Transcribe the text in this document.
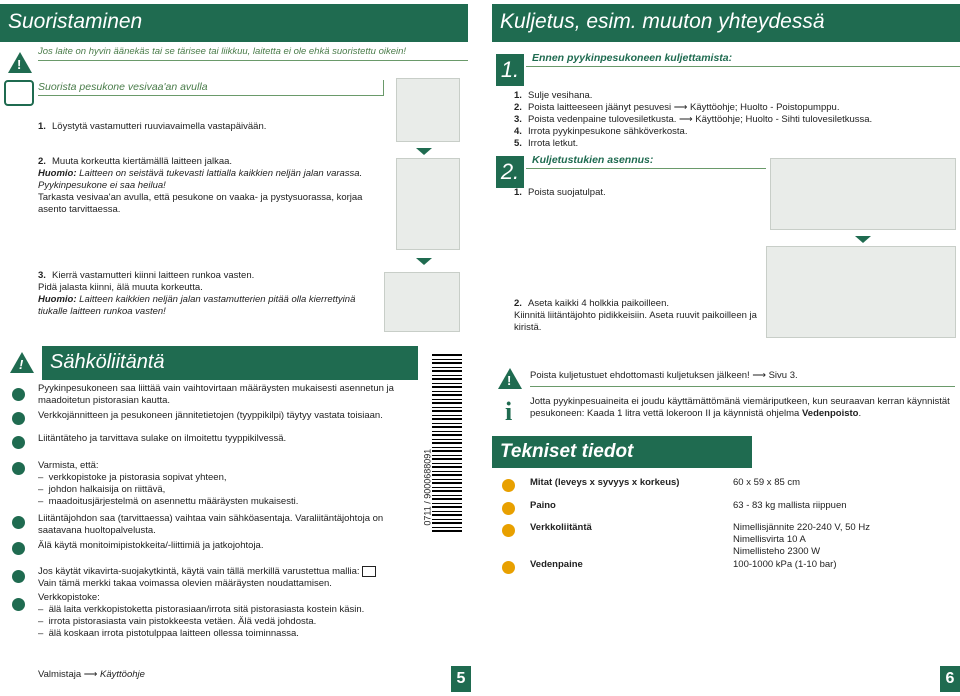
Suoristaminen
!
Jos laite on hyvin äänekäs tai se tärisee tai liikkuu, laitetta ei ole ehkä suoristettu oikein!
Suorista pesukone vesivaa'an avulla
1. Löystytä vastamutteri ruuviavaimella vastapäivään.
2. Muuta korkeutta kiertämällä laitteen jalkaa.
Huomio: Laitteen on seistävä tukevasti lattialla kaikkien neljän jalan varassa.
Pyykinpesukone ei saa heilua!
Tarkasta vesivaa'an avulla, että pesukone on vaaka- ja pystysuorassa, korjaa asento tarvittaessa.
3. Kierrä vastamutteri kiinni laitteen runkoa vasten.
Pidä jalasta kiinni, älä muuta korkeutta.
Huomio: Laitteen kaikkien neljän jalan vastamutterien pitää olla kierrettyinä tiukalle laitteen runkoa vasten!
!	Sähköliitäntä
Pyykinpesukoneen saa liittää vain vaihtovirtaan määräysten mukaisesti asennetun ja maadoitetun pistorasian kautta.
Verkkojännitteen ja pesukoneen jännitetietojen (tyyppikilpi) täytyy vastata toisiaan.
Liitäntäteho ja tarvittava sulake on ilmoitettu tyyppikilvessä.
Varmista, että:
–  verkkopistoke ja pistorasia sopivat yhteen,
–  johdon halkaisija on riittävä,
–  maadoitusjärjestelmä on asennettu määräysten mukaisesti.
Liitäntäjohdon saa (tarvittaessa) vaihtaa vain sähköasentaja. Varaliitäntäjohtoja on saatavana huoltopalvelusta.
Älä käytä monitoimipistokkeita/-liittimiä ja jatkojohtoja.
Jos käytät vikavirta-suojakytkintä, käytä vain tällä merkillä varustettua mallia:
Vain tämä merkki takaa voimassa olevien määräysten noudattamisen.
Verkkopistoke:
–  älä laita verkkopistoketta pistorasiaan/irrota sitä pistorasiasta kostein käsin.
–  irrota pistorasiasta vain pistokkeesta vetäen. Älä vedä johdosta.
–  älä koskaan irrota pistotulppaa laitteen ollessa toiminnassa.
0711 / 9000688091
Valmistaja ⟶ Käyttöohje	5
Kuljetus, esim. muuton yhteydessä
1.	Ennen pyykinpesukoneen kuljettamista:
1. Sulje vesihana.
2. Poista laitteeseen jäänyt pesuvesi ⟶ Käyttöohje; Huolto - Poistopumppu.
3. Poista vedenpaine tulovesiletkusta. ⟶ Käyttöohje; Huolto - Sihti tulovesiletkussa.
4. Irrota pyykinpesukone sähköverkosta.
5. Irrota letkut.
2.	Kuljetustukien asennus:
1. Poista suojatulpat.
2. Aseta kaikki 4 holkkia paikoilleen.
Kiinnitä liitäntäjohto pidikkeisiin. Aseta ruuvit paikoilleen ja kiristä.
! Poista kuljetustuet ehdottomasti kuljetuksen jälkeen! ⟶ Sivu 3.
i Jotta pyykinpesuaineita ei joudu käyttämättömänä viemäriputkeen, kun seuraavan kerran käynnistät pesukoneen: Kaada 1 litra vettä lokeroon II ja käynnistä ohjelma Vedenpoisto.
Tekniset tiedot
Mitat (leveys x syvyys x korkeus)	60 x 59 x 85 cm
Paino	63 - 83 kg mallista riippuen
Verkkoliitäntä	Nimellisjännite 220-240 V, 50 Hz
Nimellisvirta 10 A
Nimellisteho 2300 W
Vedenpaine	100-1000 kPa (1-10 bar)
6
